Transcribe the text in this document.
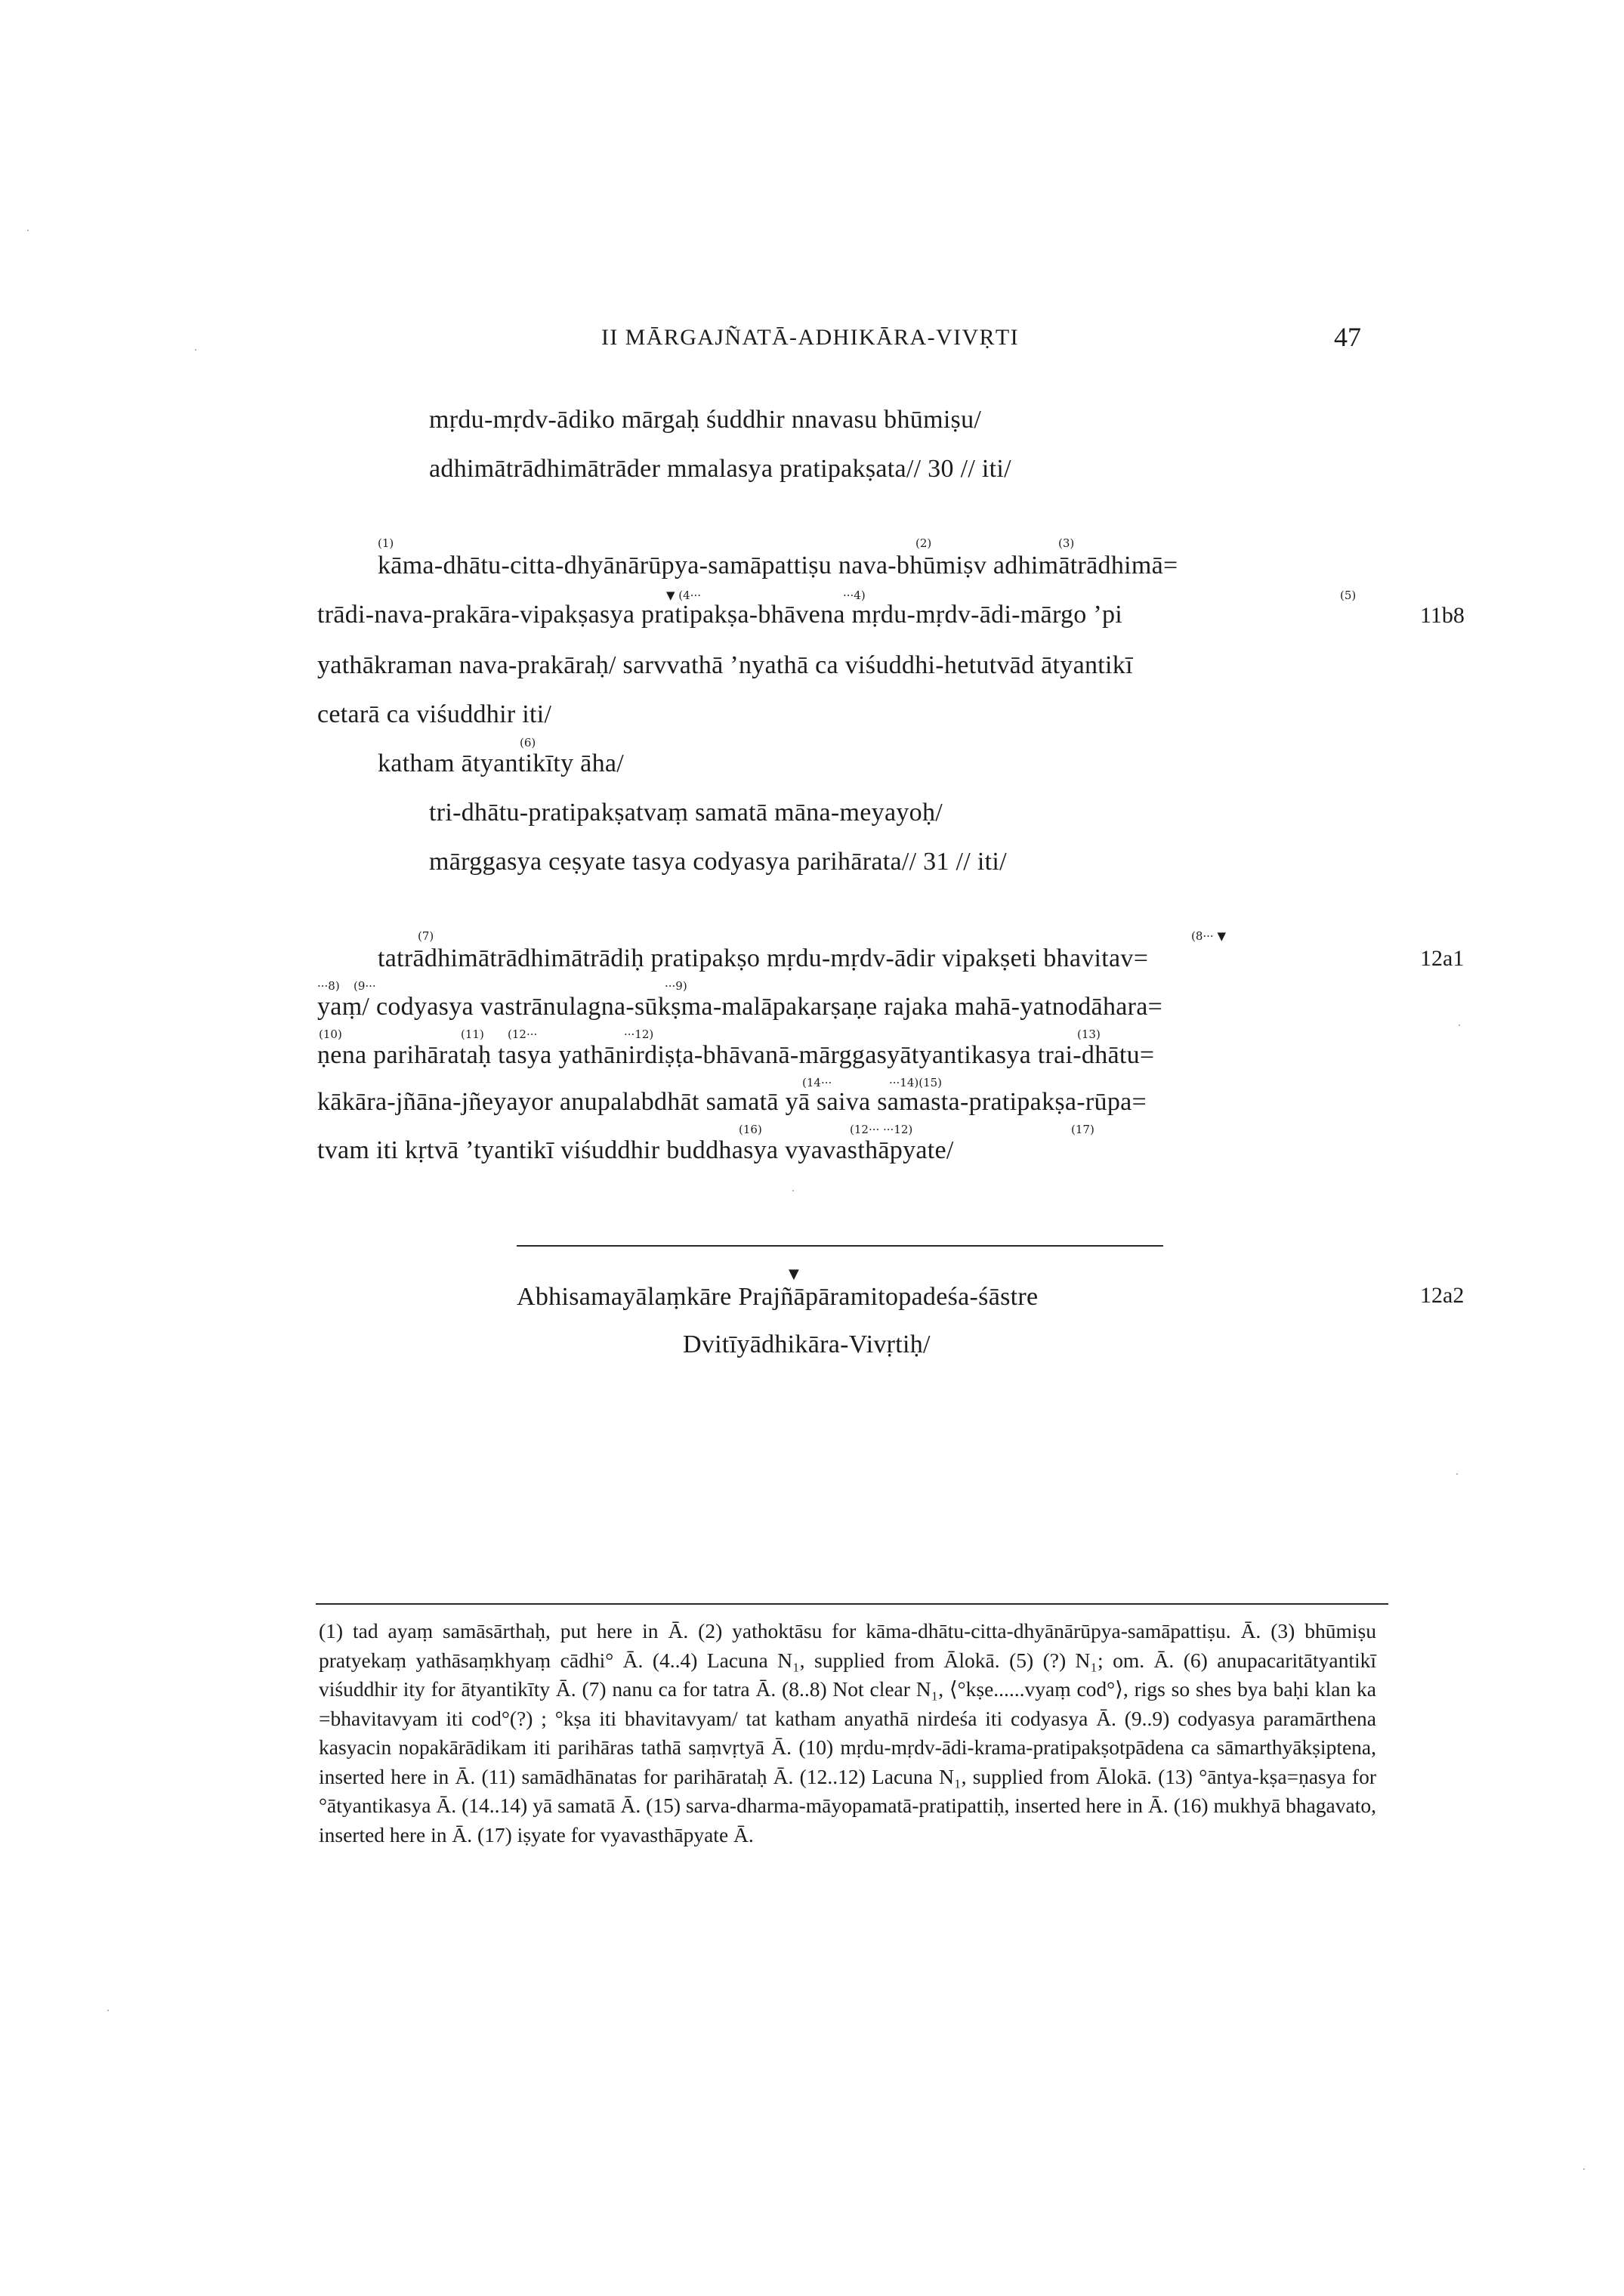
II MĀRGAJÑATĀ-ADHIKĀRA-VIVṚTI	47
mṛdu-mṛdv-ādiko mārgaḥ śuddhir nnavasu bhūmiṣu/
adhimātrādhimātrāder mmalasya pratipakṣata// 30 // iti/
(1)	(2)	(3)
kāma-dhātu-citta-dhyānārūpya-samāpattiṣu nava-bhūmiṣv adhimātrādhimā=
▼ (4···	···4)	(5)
trādi-nava-prakāra-vipakṣasya pratipakṣa-bhāvena mṛdu-mṛdv-ādi-mārgo ’pi
yathākraman nava-prakāraḥ/ sarvvathā ’nyathā ca viśuddhi-hetutvād ātyantikī
cetarā ca viśuddhir iti/
(6)
katham ātyantikīty āha/
tri-dhātu-pratipakṣatvaṃ samatā māna-meyayoḥ/
mārggasya ceṣyate tasya codyasya parihārata// 31 // iti/
(7)	(8··· ▼
tatrādhimātrādhimātrādiḥ pratipakṣo mṛdu-mṛdv-ādir vipakṣeti bhavitav=
···8) (9···	···9)
yaṃ/ codyasya vastrānulagna-sūkṣma-malāpakarṣaṇe rajaka mahā-yatnodāhara=
(10)	(11) (12···	···12)	(13)
ṇena parihārataḥ tasya yathānirdiṣṭa-bhāvanā-mārggasyātyantikasya trai-dhātu=
(14···	···14)(15)
kākāra-jñāna-jñeyayor anupalabdhāt samatā yā saiva samasta-pratipakṣa-rūpa=
(16)	(12··· ···12)	(17)
tvam iti kṛtvā ’tyantikī viśuddhir buddhasya vyavasthāpyate/
▼
Abhisamayālaṃkāre Prajñāpāramitopadeśa-śāstre
Dvitīyādhikāra-Vivṛtiḥ/
11b8
12a1
12a2
(1) tad ayaṃ samāsārthaḥ, put here in Ā. (2) yathoktāsu for kāma-dhātu-citta-dhyānārūpya-samāpattiṣu. Ā. (3) bhūmiṣu pratyekaṃ yathāsaṃkhyaṃ cādhi° Ā. (4..4) Lacuna N₁, supplied from Ālokā. (5) (?) N₁; om. Ā. (6) anupacaritātyantikī viśuddhir ity for ātyantikīty Ā. (7) nanu ca for tatra Ā. (8..8) Not clear N₁, ⟨°kṣe......vyaṃ cod°⟩, rigs so shes bya baḥi klan ka =bhavitavyam iti cod°(?) ; °kṣa iti bhavitavyam/ tat katham anyathā nirdeśa iti codyasya Ā. (9..9) codyasya paramārthena kasyacin nopakārādikam iti parihāras tathā saṃvṛtyā Ā. (10) mṛdu-mṛdv-ādi-krama-pratipakṣotpādena ca sāmarthyākṣiptena, inserted here in Ā. (11) samādhānatas for parihārataḥ Ā. (12..12) Lacuna N₁, supplied from Ālokā. (13) °āntya-kṣa=ṇasya for °ātyantikasya Ā. (14..14) yā samatā Ā. (15) sarva-dharma-māyopamatā-pratipattiḥ, inserted here in Ā. (16) mukhyā bhagavato, inserted here in Ā. (17) iṣyate for vyavasthāpyate Ā.
